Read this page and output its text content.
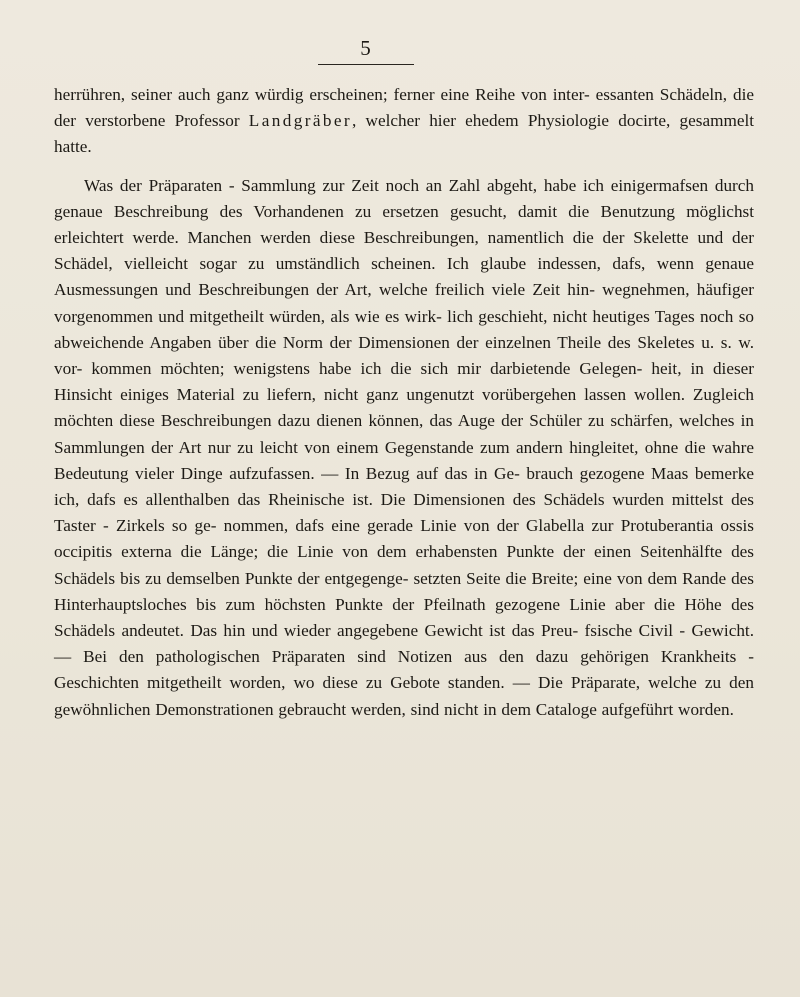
5

herrühren, seiner auch ganz würdig erscheinen; ferner eine Reihe von inter- essanten Schädeln, die der verstorbene Professor Landgräber, welcher hier ehedem Physiologie docirte, gesammelt hatte.

Was der Präparaten - Sammlung zur Zeit noch an Zahl abgeht, habe ich einigermafsen durch genaue Beschreibung des Vorhandenen zu ersetzen gesucht, damit die Benutzung möglichst erleichtert werde. Manchen werden diese Beschreibungen, namentlich die der Skelette und der Schädel, vielleicht sogar zu umständlich scheinen. Ich glaube indessen, dafs, wenn genaue Ausmessungen und Beschreibungen der Art, welche freilich viele Zeit hin- wegnehmen, häufiger vorgenommen und mitgetheilt würden, als wie es wirk- lich geschieht, nicht heutiges Tages noch so abweichende Angaben über die Norm der Dimensionen der einzelnen Theile des Skeletes u. s. w. vor- kommen möchten; wenigstens habe ich die sich mir darbietende Gelegen- heit, in dieser Hinsicht einiges Material zu liefern, nicht ganz ungenutzt vorübergehen lassen wollen. Zugleich möchten diese Beschreibungen dazu dienen können, das Auge der Schüler zu schärfen, welches in Sammlungen der Art nur zu leicht von einem Gegenstande zum andern hingleitet, ohne die wahre Bedeutung vieler Dinge aufzufassen. — In Bezug auf das in Ge- brauch gezogene Maas bemerke ich, dafs es allenthalben das Rheinische ist. Die Dimensionen des Schädels wurden mittelst des Taster - Zirkels so ge- nommen, dafs eine gerade Linie von der Glabella zur Protuberantia ossis occipitis externa die Länge; die Linie von dem erhabensten Punkte der einen Seitenhälfte des Schädels bis zu demselben Punkte der entgegenge- setzten Seite die Breite; eine von dem Rande des Hinterhauptsloches bis zum höchsten Punkte der Pfeilnath gezogene Linie aber die Höhe des Schädels andeutet. Das hin und wieder angegebene Gewicht ist das Preu- fsische Civil - Gewicht. — Bei den pathologischen Präparaten sind Notizen aus den dazu gehörigen Krankheits - Geschichten mitgetheilt worden, wo diese zu Gebote standen. — Die Präparate, welche zu den gewöhnlichen Demonstrationen gebraucht werden, sind nicht in dem Cataloge aufgeführt worden.
